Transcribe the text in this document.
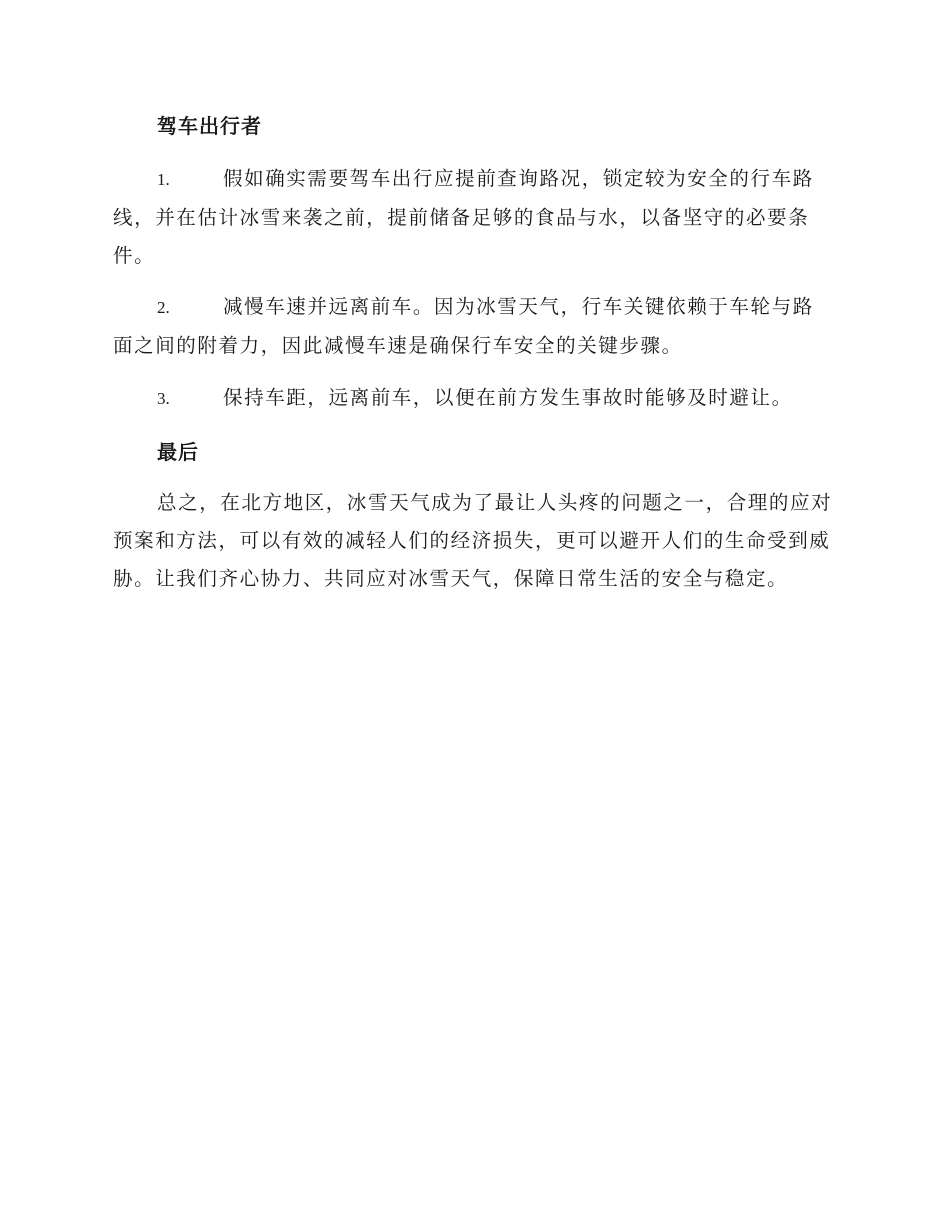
驾车出行者

1.	假如确实需要驾车出行应提前查询路况，锁定较为安全的行车路线，并在估计冰雪来袭之前，提前储备足够的食品与水，以备坚守的必要条件。

2.	减慢车速并远离前车。因为冰雪天气，行车关键依赖于车轮与路面之间的附着力，因此减慢车速是确保行车安全的关键步骤。

3.	保持车距，远离前车，以便在前方发生事故时能够及时避让。

最后

总之，在北方地区，冰雪天气成为了最让人头疼的问题之一，合理的应对预案和方法，可以有效的减轻人们的经济损失，更可以避开人们的生命受到威胁。让我们齐心协力、共同应对冰雪天气，保障日常生活的安全与稳定。
